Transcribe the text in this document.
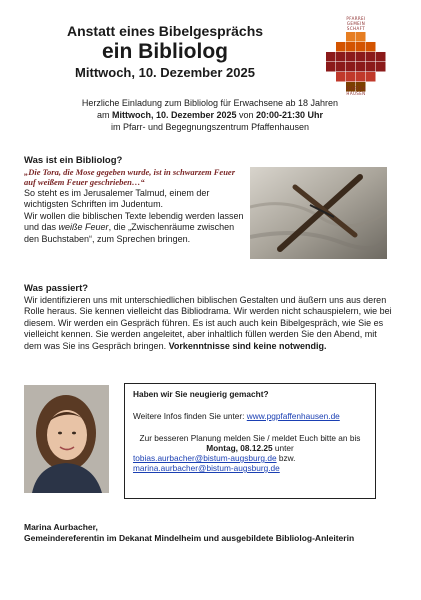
Anstatt eines Bibelgesprächs
ein Bibliolog
Mittwoch, 10. Dezember 2025
PFARREI
GEMEIN
SCHAFT
PFAFFEN
HAUSEN

Herzliche Einladung zum Bibliolog für Erwachsene ab 18 Jahren

am Mittwoch, 10. Dezember 2025 von 20:00-21:30 Uhr

im Pfarr- und Begegnungszentrum Pfaffenhausen

Was ist ein Bibliolog?
„Die Tora, die Mose gegeben wurde, ist in schwarzem Feuer auf weißem Feuer geschrieben…“

So steht es im Jerusalemer Talmud, einem der wichtigsten Schriften im Judentum.

Wir wollen die biblischen Texte lebendig werden lassen und das weiße Feuer, die „Zwischenräume zwischen den Buchstaben“, zum Sprechen bringen.

Was passiert?

Wir identifizieren uns mit unterschiedlichen biblischen Gestalten und äußern uns aus deren Rolle heraus. Sie kennen vielleicht das Bibliodrama. Wir werden nicht schauspielern, wie bei diesem. Wir werden ein Gespräch führen. Es ist auch auch kein Bibelgespräch, wie Sie es vielleicht kennen. Sie werden angeleitet, aber inhaltlich füllen werden Sie den Abend, mit dem was Sie ins Gespräch bringen. Vorkenntnisse sind keine notwendig.

Haben wir Sie neugierig gemacht?

Weitere Infos finden Sie unter: www.pgpfaffenhausen.de

Zur besseren Planung melden Sie / meldet Euch bitte an bis

Montag, 08.12.25 unter

tobias.aurbacher@bistum-augsburg.de bzw.

marina.aurbacher@bistum-augsburg.de

Marina Aurbacher,

Gemeindereferentin im Dekanat Mindelheim und ausgebildete Bibliolog-Anleiterin
